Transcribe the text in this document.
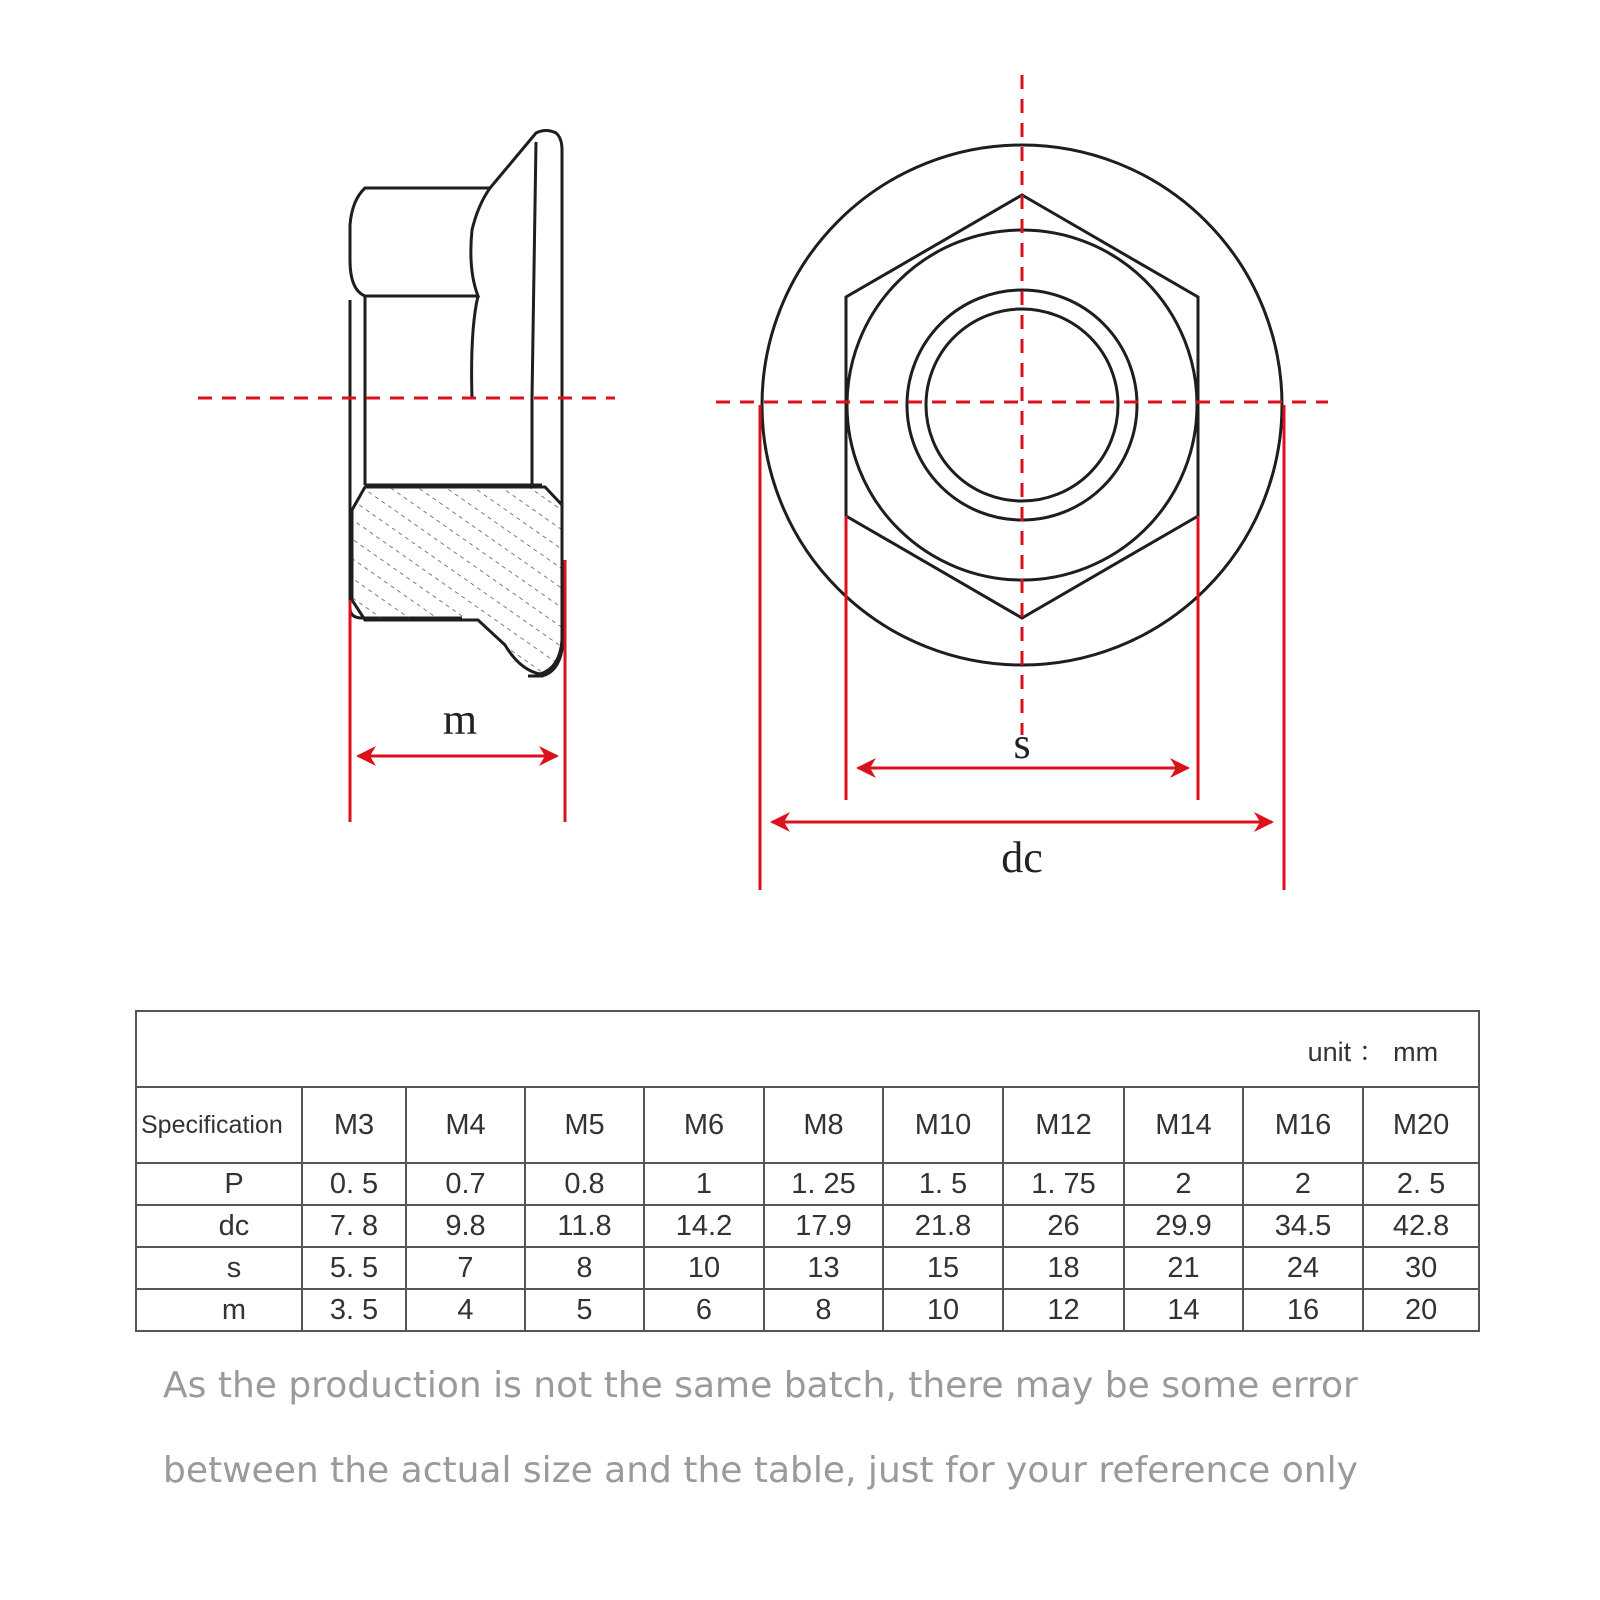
m	s
dc
unit ： mm										
Specification	M3	M4	M5	M6	M8	M10	M12	M14	M16	M20
P	0. 5	0.7	0.8	1	1. 25	1. 5	1. 75	2	2	2. 5
dc	7. 8	9.8	11.8	14.2	17.9	21.8	26	29.9	34.5	42.8
s	5. 5	7	8	10	13	15	18	21	24	30
m	3. 5	4	5	6	8	10	12	14	16	20
As the production is not the same batch, there may be some error
between the actual size and the table, just for your reference only
